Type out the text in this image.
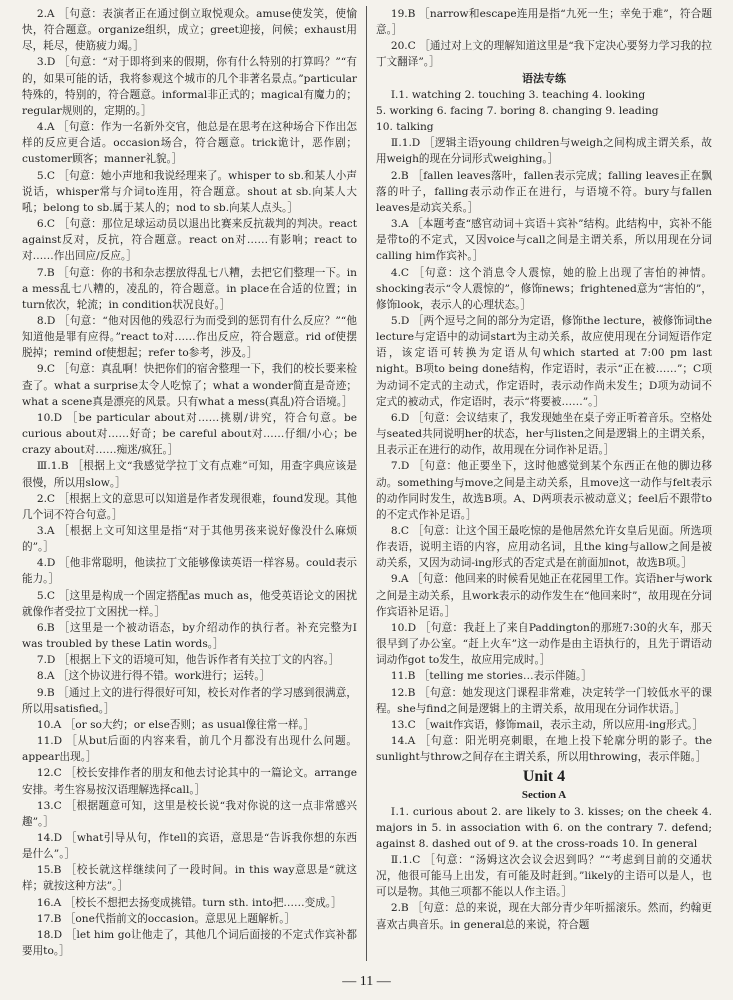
2.A ［句意：表演者正在通过倒立取悦观众。amuse使发笑，使愉快，符合题意。organize组织，成立；greet迎接，问候；exhaust用尽，耗尽，使筋疲力竭。］

3.D ［句意：“对于即将到来的假期，你有什么特别的打算吗？”“有的，如果可能的话，我将参观这个城市的几个非著名景点。”particular特殊的，特别的，符合题意。informal非正式的；magical有魔力的；regular规则的，定期的。］

4.A ［句意：作为一名新外交官，他总是在思考在这种场合下作出怎样的反应更合适。occasion场合，符合题意。trick诡计，恶作剧；customer顾客；manner礼貌。］

5.C ［句意：她小声地和我说经理来了。whisper to sb.和某人小声说话，whisper常与介词to连用，符合题意。shout at sb.向某人大吼；belong to sb.属于某人的；nod to sb.向某人点头。］

6.C ［句意：那位足球运动员以退出比赛来反抗裁判的判决。react against反对，反抗，符合题意。react on对……有影响；react to对……作出回应/反应。］

7.B ［句意：你的书和杂志摆放得乱七八糟，去把它们整理一下。in a mess乱七八糟的，凌乱的，符合题意。in place在合适的位置；in turn依次，轮流；in condition状况良好。］

8.D ［句意：“他对因他的残忍行为而受到的惩罚有什么反应？”“他知道他是罪有应得。”react to对……作出反应，符合题意。rid of使摆脱掉；remind of使想起；refer to参考，涉及。］

9.C ［句意：真乱啊！快把你们的宿舍整理一下，我们的校长要来检查了。what a surprise太令人吃惊了；what a wonder简直是奇迹；what a scene真是漂亮的风景。只有what a mess(真乱)符合语境。］

10.D ［be particular about对……挑剔/讲究，符合句意。be curious about对……好奇；be careful about对……仔细/小心；be crazy about对……痴迷/疯狂。］

Ⅲ.1.B ［根据上文“我感觉学拉丁文有点难”可知，用查字典应该是很慢，所以用slow。］

2.C ［根据上文的意思可以知道是作者发现很难，found发现。其他几个词不符合句意。］

3.A ［根据上文可知这里是指“对于其他男孩来说好像没什么麻烦的”。］

4.D ［他非常聪明，他读拉丁文能够像读英语一样容易。could表示能力。］

5.C ［这里是构成一个固定搭配as much as，他受英语论文的困扰就像作者受拉丁文困扰一样。］

6.B ［这里是一个被动语态，by介绍动作的执行者。补充完整为I was troubled by these Latin words。］

7.D ［根据上下文的语境可知，他告诉作者有关拉丁文的内容。］

8.A ［这个协议进行得不错。work进行；运转。］

9.B ［通过上文的进行得很好可知，校长对作者的学习感到很满意，所以用satisfied。］

10.A ［or so大约；or else否则；as usual像往常一样。］

11.D ［从but后面的内容来看，前几个月都没有出现什么问题。appear出现。］

12.C ［校长安排作者的朋友和他去讨论其中的一篇论文。arrange安排。考生容易按汉语理解选择call。］

13.C ［根据题意可知，这里是校长说“我对你说的这一点非常感兴趣”。］

14.D ［what引导从句，作tell的宾语，意思是“告诉我你想的东西是什么”。］

15.B ［校长就这样继续问了一段时间。in this way意思是“就这样；就按这种方法”。］

16.A ［校长不想把去扬变成挑错。turn sth. into把……变成。］

17.B ［one代指前文的occasion。意思见上题解析。］

18.D ［let him go让他走了，其他几个词后面接的不定式作宾补都要用to。］

19.B ［narrow和escape连用是指“九死一生；幸免于难”，符合题意。］

20.C ［通过对上文的理解知道这里是“我下定决心要努力学习我的拉丁文翻译”。］

语法专练

Ⅰ.1. watching 2. touching 3. teaching 4. looking

5. working 6. facing 7. boring 8. changing 9. leading

10. talking

Ⅱ.1.D ［逻辑主语young children与weigh之间构成主谓关系，故用weigh的现在分词形式weighing。］

2.B ［fallen leaves落叶，fallen表示完成；falling leaves正在飘落的叶子，falling表示动作正在进行，与语境不符。bury与fallen leaves是动宾关系。］

3.A ［本题考查“感官动词＋宾语＋宾补”结构。此结构中，宾补不能是带to的不定式，又因voice与call之间是主谓关系，所以用现在分词calling him作宾补。］

4.C ［句意：这个消息令人震惊，她的脸上出现了害怕的神情。shocking表示“令人震惊的”，修饰news；frightened意为“害怕的”，修饰look，表示人的心理状态。］

5.D ［两个逗号之间的部分为定语，修饰the lecture，被修饰词the lecture与定语中的动词start为主动关系，故应使用现在分词短语作定语，该定语可转换为定语从句which started at 7:00 pm last night。B项to being done结构，作定语时，表示“正在被……”；C项为动词不定式的主动式，作定语时，表示动作尚未发生；D项为动词不定式的被动式，作定语时，表示“将要被……”。］

6.D ［句意：会议结束了，我发现她坐在桌子旁正听着音乐。空格处与seated共同说明her的状态，her与listen之间是逻辑上的主谓关系，且表示正在进行的动作，故用现在分词作补足语。］

7.D ［句意：他正要坐下，这时他感觉到某个东西正在他的脚边移动。something与move之间是主动关系，且move这一动作与felt表示的动作同时发生，故选B项。A、D两项表示被动意义；feel后不跟带to的不定式作补足语。］

8.C ［句意：让这个国王最吃惊的是他居然允许女皇后见面。所选项作表语，说明主语的内容，应用动名词，且the king与allow之间是被动关系，又因为动词-ing形式的否定式是在前面加not，故选B项。］

9.A ［句意：他回来的时候看见她正在花园里工作。宾语her与work之间是主动关系，且work表示的动作发生在“他回来时”，故用现在分词作宾语补足语。］

10.D ［句意：我赶上了来自Paddington的那班7:30的火车，那天很早到了办公室。“赶上火车”这一动作是由主语执行的，且先于谓语动词动作got to发生，故应用完成时。］

11.B ［telling me stories…表示伴随。］

12.B ［句意：她发现这门课程非常难，决定转学一门较低水平的课程。she与find之间是逻辑上的主谓关系，故用现在分词作状语。］

13.C ［wait作宾语，修饰mail，表示主动，所以应用-ing形式。］

14.A ［句意：阳光明亮刺眼，在地上投下轮廓分明的影子。the sunlight与throw之间存在主谓关系，所以用throwing，表示伴随。］

Unit 4

Section A

Ⅰ.1. curious about 2. are likely to 3. kisses; on the cheek 4. majors in 5. in association with 6. on the contrary 7. defend; against 8. dashed out of 9. at the cross-roads 10. In general

Ⅱ.1.C ［句意：“汤姆这次会议会迟到吗？”“考虑到目前的交通状况，他很可能马上出发，有可能及时赶到。”likely的主语可以是人，也可以是物。其他三项都不能以人作主语。］

2.B ［句意：总的来说，现在大部分青少年听摇滚乐。然而，约翰更喜欢古典音乐。in general总的来说，符合题

— 11 —
